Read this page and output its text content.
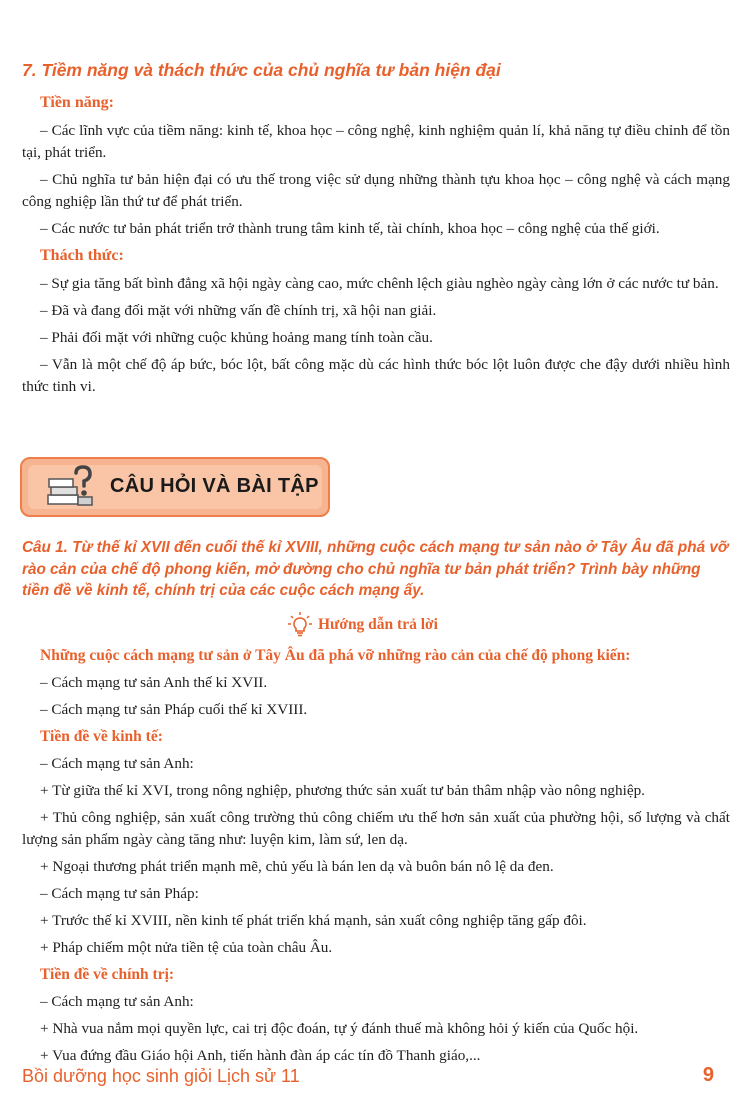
7. Tiềm năng và thách thức của chủ nghĩa tư bản hiện đại
Tiền năng:

– Các lĩnh vực của tiềm năng: kinh tế, khoa học – công nghệ, kinh nghiệm quản lí, khả năng tự điều chỉnh để tồn tại, phát triển.

– Chủ nghĩa tư bản hiện đại có ưu thế trong việc sử dụng những thành tựu khoa học – công nghệ và cách mạng công nghiệp lần thứ tư để phát triển.

– Các nước tư bản phát triển trở thành trung tâm kinh tế, tài chính, khoa học – công nghệ của thế giới.

Thách thức:

– Sự gia tăng bất bình đẳng xã hội ngày càng cao, mức chênh lệch giàu nghèo ngày càng lớn ở các nước tư bản.

– Đã và đang đối mặt với những vấn đề chính trị, xã hội nan giải.

– Phải đối mặt với những cuộc khủng hoảng mang tính toàn cầu.

– Vẫn là một chế độ áp bức, bóc lột, bất công mặc dù các hình thức bóc lột luôn được che đậy dưới nhiều hình thức tinh vi.

CÂU HỎI VÀ BÀI TẬP

Câu 1. Từ thế kỉ XVII đến cuối thế kỉ XVIII, những cuộc cách mạng tư sản nào ở Tây Âu đã phá vỡ rào cản của chế độ phong kiến, mở đường cho chủ nghĩa tư bản phát triển? Trình bày những tiền đề về kinh tế, chính trị của các cuộc cách mạng ấy.

Hướng dẫn trả lời
Những cuộc cách mạng tư sản ở Tây Âu đã phá vỡ những rào cản của chế độ phong kiến:

– Cách mạng tư sản Anh thế kỉ XVII.

– Cách mạng tư sản Pháp cuối thế kỉ XVIII.

Tiền đề về kinh tế:

– Cách mạng tư sản Anh:

+ Từ giữa thế kỉ XVI, trong nông nghiệp, phương thức sản xuất tư bản thâm nhập vào nông nghiệp.

+ Thủ công nghiệp, sản xuất công trường thủ công chiếm ưu thế hơn sản xuất của phường hội, số lượng và chất lượng sản phẩm ngày càng tăng như: luyện kim, làm sứ, len dạ.

+ Ngoại thương phát triển mạnh mẽ, chủ yếu là bán len dạ và buôn bán nô lệ da đen.

– Cách mạng tư sản Pháp:

+ Trước thế kỉ XVIII, nền kinh tế phát triển khá mạnh, sản xuất công nghiệp tăng gấp đôi.

+ Pháp chiếm một nửa tiền tệ của toàn châu Âu.

Tiền đề về chính trị:

– Cách mạng tư sản Anh:

+ Nhà vua nắm mọi quyền lực, cai trị độc đoán, tự ý đánh thuế mà không hỏi ý kiến của Quốc hội.

+ Vua đứng đầu Giáo hội Anh, tiến hành đàn áp các tín đồ Thanh giáo,...

Bồi dưỡng học sinh giỏi Lịch sử 11	9
